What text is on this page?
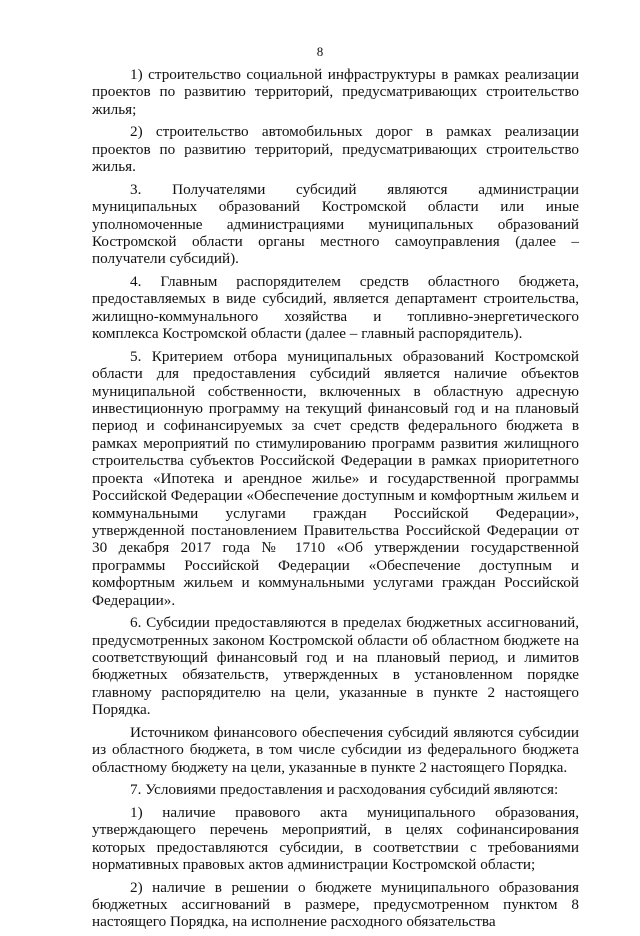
8

1) строительство социальной инфраструктуры в рамках реализации проектов по развитию территорий, предусматривающих строительство жилья;

2) строительство автомобильных дорог в рамках реализации проектов по развитию территорий, предусматривающих строительство жилья.

3. Получателями субсидий являются администрации муниципальных образований Костромской области или иные уполномоченные администрациями муниципальных образований Костромской области органы местного самоуправления (далее – получатели субсидий).

4. Главным распорядителем средств областного бюджета, предоставляемых в виде субсидий, является департамент строительства, жилищно-коммунального хозяйства и топливно-энергетического комплекса Костромской области (далее – главный распорядитель).

5. Критерием отбора муниципальных образований Костромской области для предоставления субсидий является наличие объектов муниципальной собственности, включенных в областную адресную инвестиционную программу на текущий финансовый год и на плановый период и софинансируемых за счет средств федерального бюджета в рамках мероприятий по стимулированию программ развития жилищного строительства субъектов Российской Федерации в рамках приоритетного проекта «Ипотека и арендное жилье» и государственной программы Российской Федерации «Обеспечение доступным и комфортным жильем и коммунальными услугами граждан Российской Федерации», утвержденной постановлением Правительства Российской Федерации от 30 декабря 2017 года № 1710 «Об утверждении государственной программы Российской Федерации «Обеспечение доступным и комфортным жильем и коммунальными услугами граждан Российской Федерации».

6. Субсидии предоставляются в пределах бюджетных ассигнований, предусмотренных законом Костромской области об областном бюджете на соответствующий финансовый год и на плановый период, и лимитов бюджетных обязательств, утвержденных в установленном порядке главному распорядителю на цели, указанные в пункте 2 настоящего Порядка.

Источником финансового обеспечения субсидий являются субсидии из областного бюджета, в том числе субсидии из федерального бюджета областному бюджету на цели, указанные в пункте 2 настоящего Порядка.

7. Условиями предоставления и расходования субсидий являются:

1) наличие правового акта муниципального образования, утверждающего перечень мероприятий, в целях софинансирования которых предоставляются субсидии, в соответствии с требованиями нормативных правовых актов администрации Костромской области;

2) наличие в решении о бюджете муниципального образования бюджетных ассигнований в размере, предусмотренном пунктом 8 настоящего Порядка, на исполнение расходного обязательства
